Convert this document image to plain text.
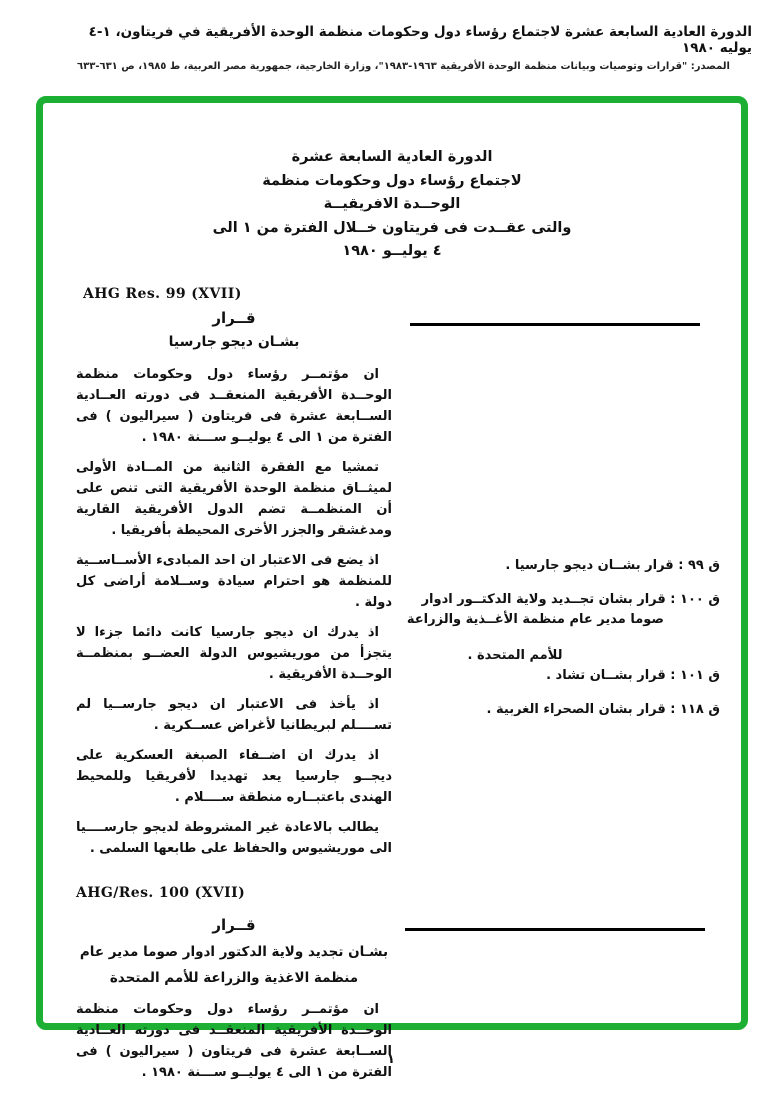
الدورة العادية السابعة عشرة لاجتماع رؤساء دول وحكومات منظمة الوحدة الأفريقية في فريتاون، ١-٤ يوليه ١٩٨٠
المصدر: "قرارات وتوصيات وبيانات منظمة الوحدة الأفريقية ١٩٦٣-١٩٨٣"، وزارة الخارجية، جمهورية مصر العربية، ط ١٩٨٥، ص ٦٣١-٦٣٣
الدورة العادية السابعة عشرة
لاجتماع رؤساء دول وحكومات منظمة
الوحــدة الافريقيــة
والتى عقــدت فى فريتاون خــلال الفترة من ١ الى
٤ يوليــو ١٩٨٠
AHG Res. 99 (XVII)
قــرار
بشـان ديجو جارسيا

ان مؤتمــر رؤساء دول وحكومات منظمة الوحــدة الأفريقية المنعقــد فى دورته العــادية الســابعة عشرة فى فريتاون ( سيراليون ) فى الفترة من ١ الى ٤ يوليــو ســـنة ١٩٨٠ .

تمشيا مع الفقرة الثانية من المــادة الأولى لميثــاق منظمة الوحدة الأفريقية التى تنص على أن المنظمــة تضم الدول الأفريقية القارية ومدغشقر والجزر الأخرى المحيطة بأفريقيا .

اذ يضع فى الاعتبار ان احد المبادىء الأســاســية للمنظمة هو احترام سيادة وســلامة أراضى كل دولة .

اذ يدرك ان ديجو جارسيا كانت دائما جزءا لا يتجزأ من موريشيوس الدولة العضــو بمنظمــة الوحــدة الأفريقية .

اذ يأخذ فى الاعتبار ان ديجو جارســيا لم تســــلم لبريطانيا لأغراض عســكرية .

اذ يدرك ان اضــفاء الصبغة العسكرية على ديجــو جارسيا يعد تهديدا لأفريقيا وللمحيط الهندى باعتبــاره منطقة ســــلام .

يطالب بالاعادة غير المشروطة لديجو جارســــيا الى موريشيوس والحفاظ على طابعها السلمى .

AHG/Res. 100 (XVII)
قــرار
بشـان تجديد ولاية الدكتور ادوار صوما مدير عام
منظمة الاغذية والزراعة للأمم المتحدة

ان مؤتمــر رؤساء دول وحكومات منظمة الوحــدة الأفريقية المنعقــد فى دورته العــادية الســابعة عشرة فى فريتاون ( سيراليون ) فى الفترة من ١ الى ٤ يوليــو ســـنة ١٩٨٠ .

ق ٩٩ : قرار بشــان ديجو جارسيا .
ق ١٠٠ : قرار بشان تجــديد ولاية الدكتــور ادوار صوما مدير عام منظمة الأغــذية والزراعة
للأمم المتحدة .
ق ١٠١ : قرار بشــان تشاد .
ق ١١٨ : قرار بشان الصحراء الغربية .
١
